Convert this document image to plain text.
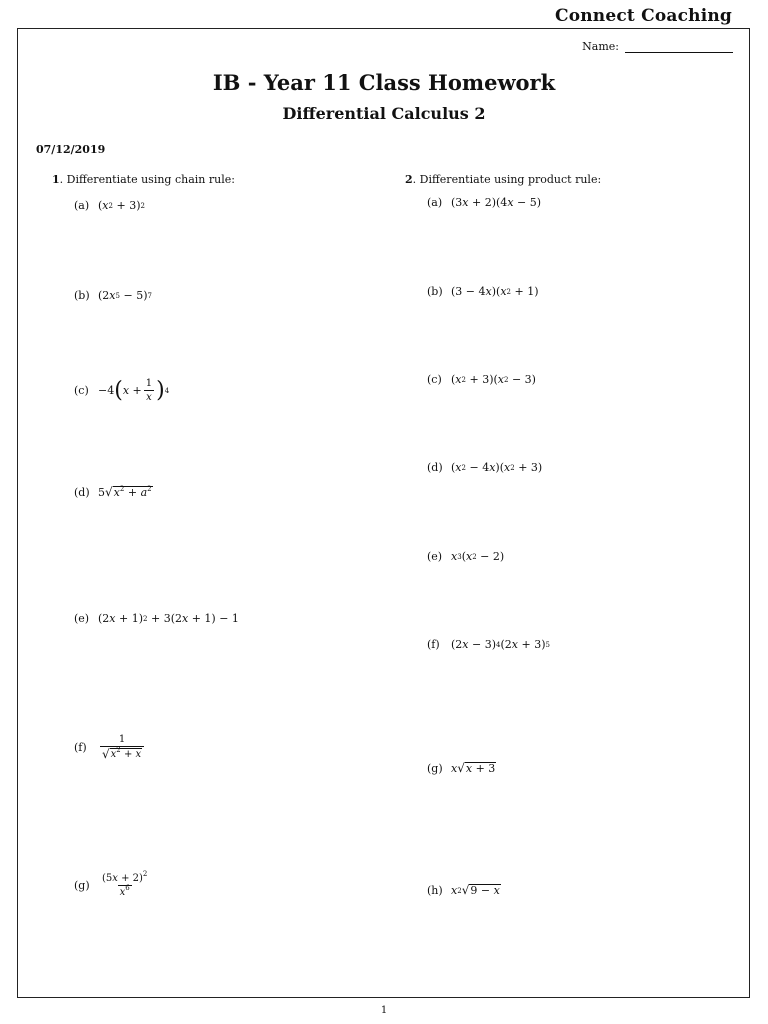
Connect Coaching
Name:
IB - Year 11 Class Homework
Differential Calculus 2
07/12/2019
1. Differentiate using chain rule:
(a) ( x 2 + 3) 2
(b) (2 x 5 − 5) 7
(c) −4 ( $x + \frac{1}{x}$ ) 4
(d) 5 √ $x^2 + a^2$
(e) (2 x + 1) 2 + 3(2 x + 1) − 1
(f)	$\frac{1}{√ x^2 + x}$
(g)	$\frac{(5x + 2)^2}{x^6}$
2. Differentiate using product rule:
(a) (3 x + 2)(4 x − 5)
(b) (3 − 4 x )( x 2 + 1)
(c) ( x 2 + 3)( x 2 − 3)
(d) ( x 2 − 4 x )( x 2 + 3)
(e) x 3 ( x 2 − 2)
(f)	(2 x − 3) 4 (2 x + 3) 5
(g) x √ x + 3
(h) x 2 √ 9 − x
1
